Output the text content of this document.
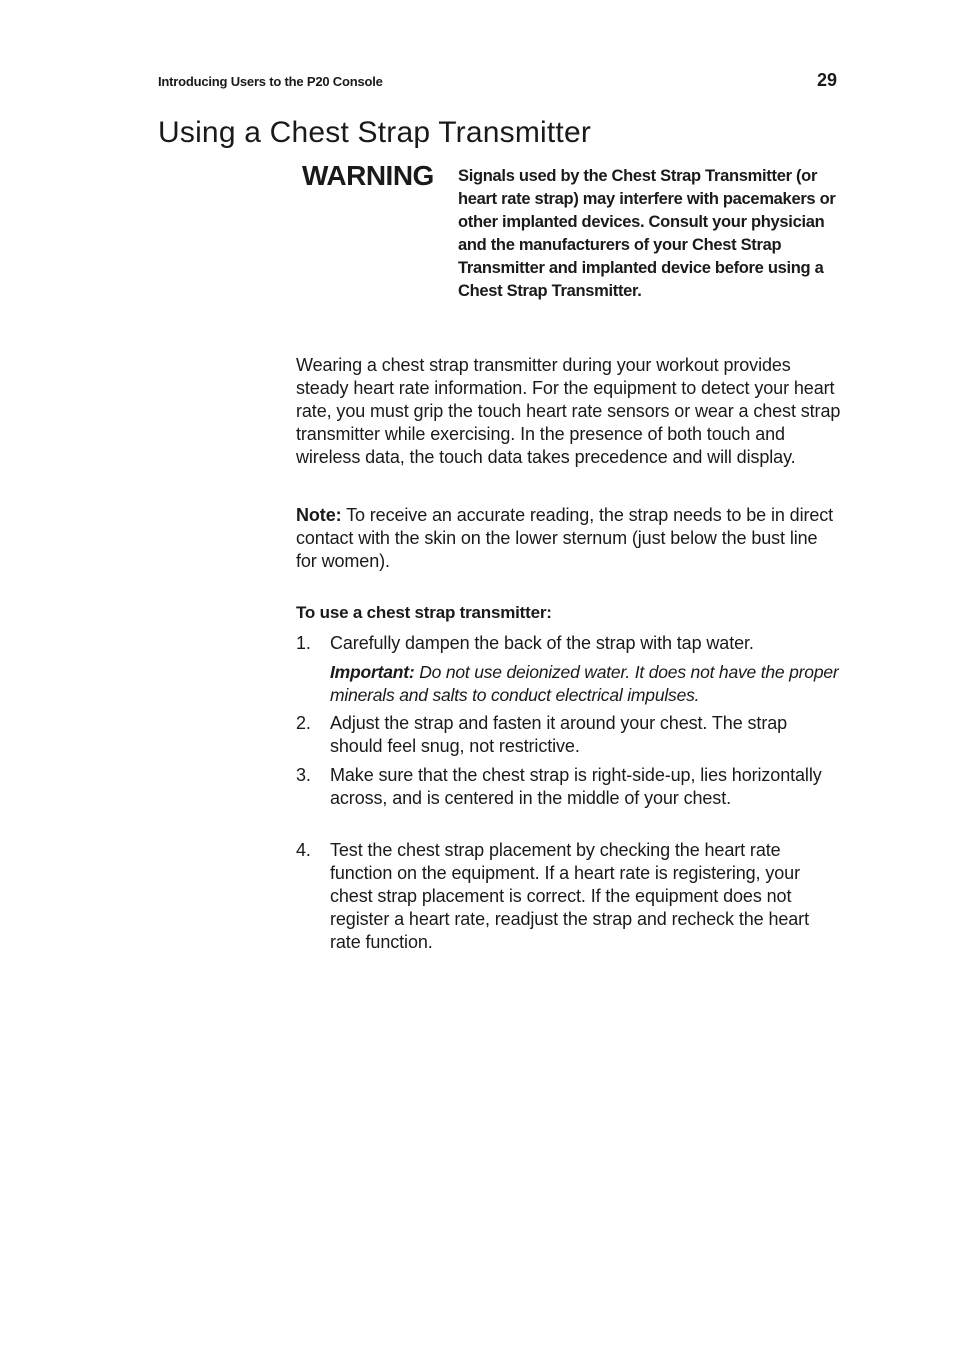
Introducing Users to the P20 Console	29
Using a Chest Strap Transmitter
WARNING Signals used by the Chest Strap Transmitter (or heart rate strap) may interfere with pacemakers or other implanted devices. Consult your physician and the manufacturers of your Chest Strap Transmitter and implanted device before using a Chest Strap Transmitter.

Wearing a chest strap transmitter during your workout provides steady heart rate information. For the equipment to detect your heart rate, you must grip the touch heart rate sensors or wear a chest strap transmitter while exercising. In the presence of both touch and wireless data, the touch data takes precedence and will display.

Note: To receive an accurate reading, the strap needs to be in direct contact with the skin on the lower sternum (just below the bust line for women).

To use a chest strap transmitter:
1.	Carefully dampen the back of the strap with tap water.

Important: Do not use deionized water. It does not have the proper minerals and salts to conduct electrical impulses.

2.	Adjust the strap and fasten it around your chest. The strap should feel snug, not restrictive.
3.	Make sure that the chest strap is right-side-up, lies horizontally across, and is centered in the middle of your chest.
4.	Test the chest strap placement by checking the heart rate function on the equipment. If a heart rate is registering, your chest strap placement is correct. If the equipment does not register a heart rate, readjust the strap and recheck the heart rate function.
